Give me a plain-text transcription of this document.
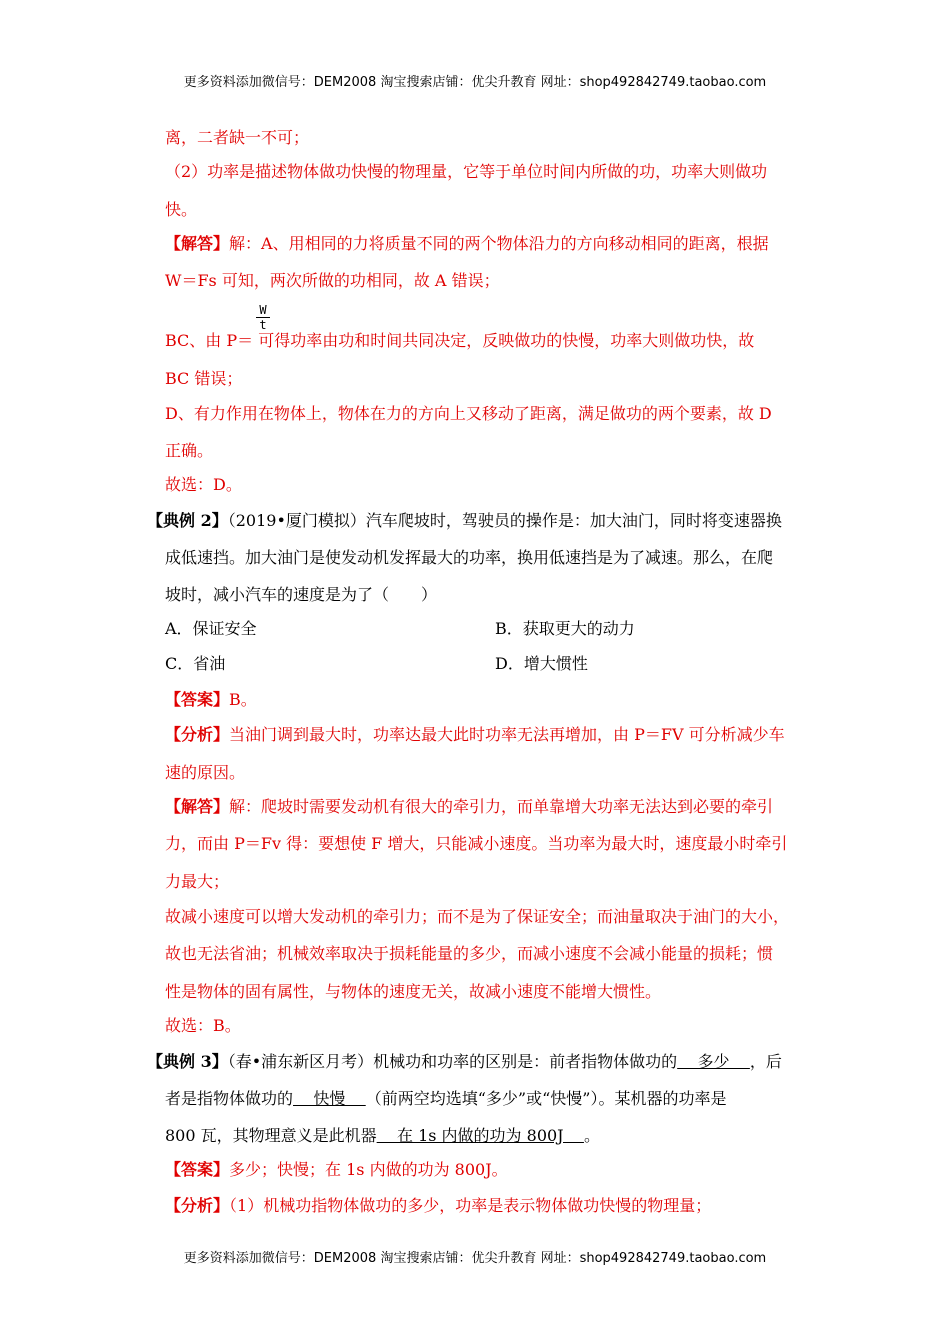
更多资料添加微信号：DEM2008 淘宝搜索店铺：优尖升教育 网址：shop492842749.taobao.com
离，二者缺一不可；
（2）功率是描述物体做功快慢的物理量，它等于单位时间内所做的功，功率大则做功
快。
【解答】解：A、用相同的力将质量不同的两个物体沿力的方向移动相同的距离，根据
W＝Fs 可知，两次所做的功相同，故 A 错误；
$\frac{W}{t}$
BC、由 P＝ 可得功率由功和时间共同决定，反映做功的快慢，功率大则做功快，故
BC 错误；
D、有力作用在物体上，物体在力的方向上又移动了距离，满足做功的两个要素，故 D
正确。
故选：D。
【典例 2】（2019•厦门模拟）汽车爬坡时，驾驶员的操作是：加大油门，同时将变速器换
成低速挡。加大油门是使发动机发挥最大的功率，换用低速挡是为了减速。那么，在爬
坡时，减小汽车的速度是为了（　　）
A．保证安全	B．获取更大的动力
C．省油	D．增大惯性
【答案】B。
【分析】当油门调到最大时，功率达最大此时功率无法再增加，由 P＝FV 可分析减少车
速的原因。
【解答】解：爬坡时需要发动机有很大的牵引力，而单靠增大功率无法达到必要的牵引
力，而由 P＝Fv 得：要想使 F 增大，只能减小速度。当功率为最大时，速度最小时牵引
力最大；
故减小速度可以增大发动机的牵引力；而不是为了保证安全；而油量取决于油门的大小，
故也无法省油；机械效率取决于损耗能量的多少，而减小速度不会减小能量的损耗；惯
性是物体的固有属性，与物体的速度无关，故减小速度不能增大惯性。
故选：B。
【典例 3】（春•浦东新区月考）机械功和功率的区别是：前者指物体做功的    多少    ，后
者是指物体做功的    快慢    （前两空均选填“多少”或“快慢”）。某机器的功率是
800 瓦，其物理意义是此机器    在 1s 内做的功为 800J    。
【答案】多少；快慢；在 1s 内做的功为 800J。
【分析】（1）机械功指物体做功的多少，功率是表示物体做功快慢的物理量；
更多资料添加微信号：DEM2008 淘宝搜索店铺：优尖升教育 网址：shop492842749.taobao.com
